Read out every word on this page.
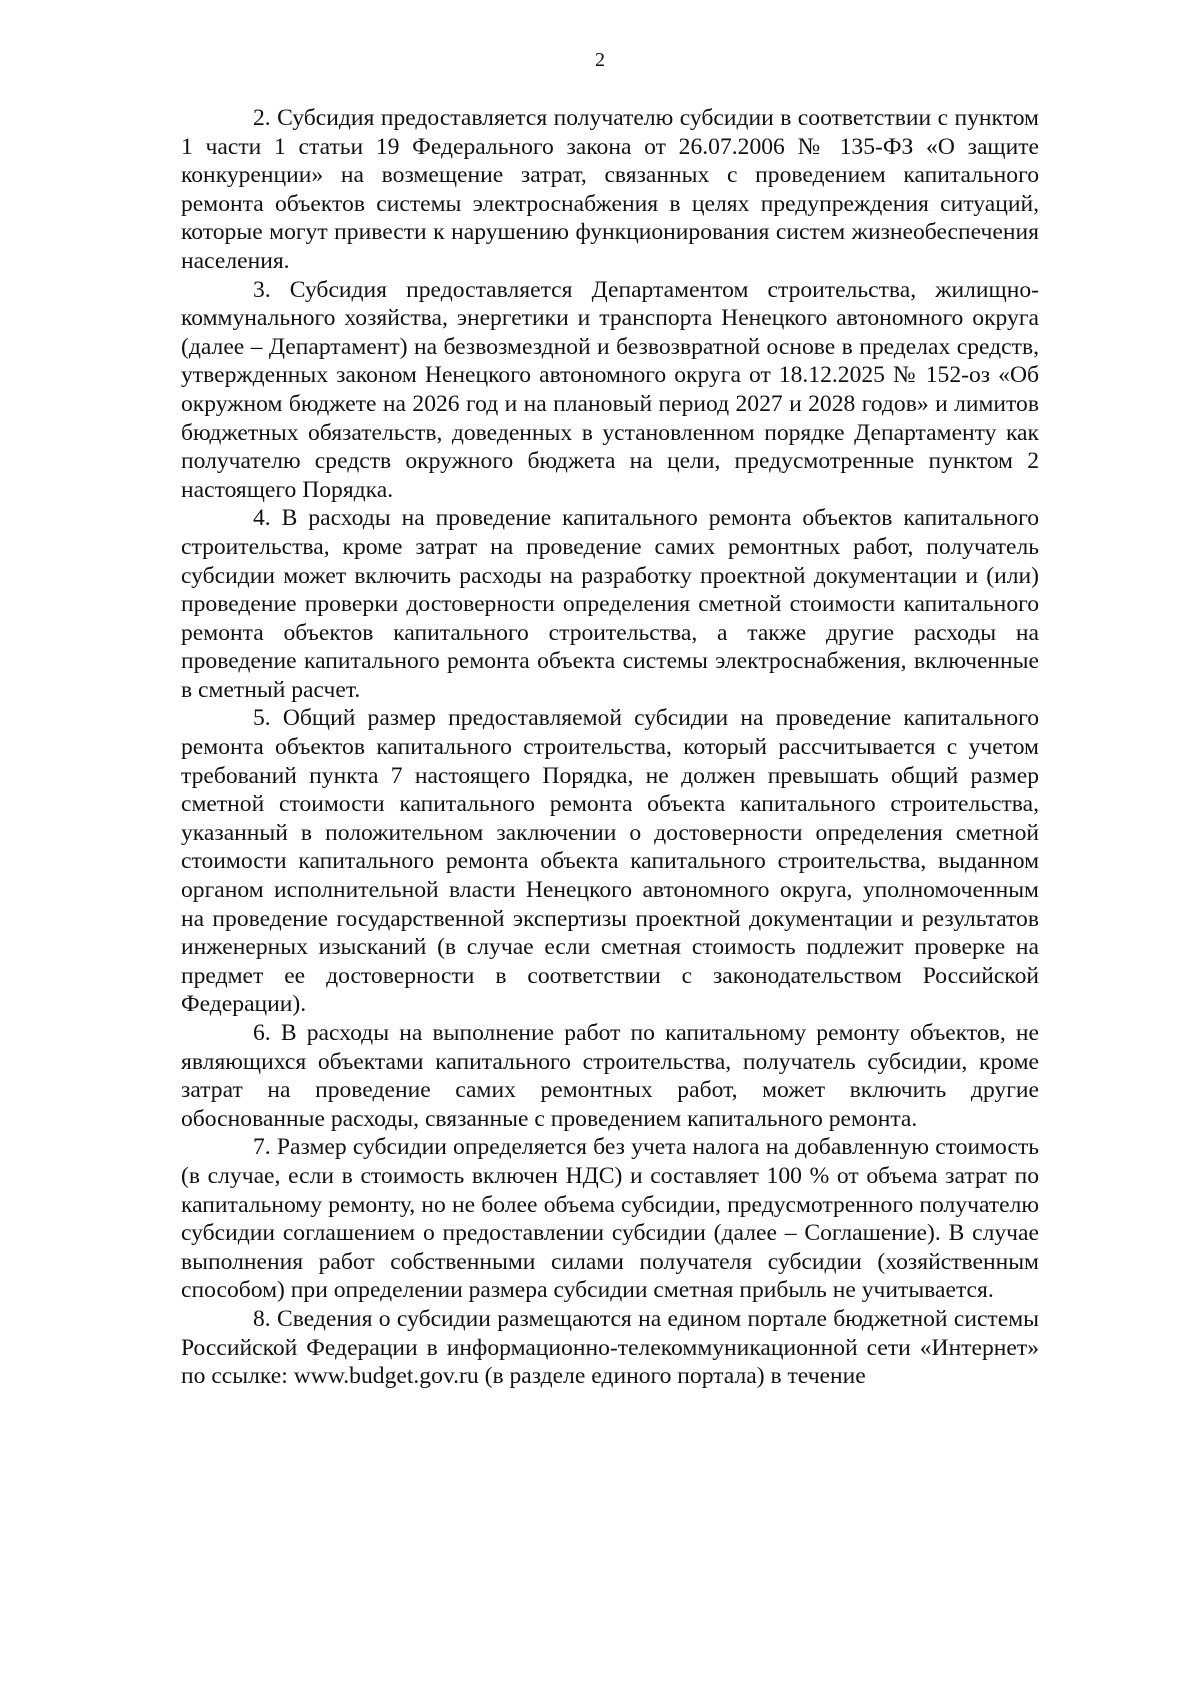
2

2. Субсидия предоставляется получателю субсидии в соответствии с пунктом 1 части 1 статьи 19 Федерального закона от 26.07.2006 № 135-ФЗ «О защите конкуренции» на возмещение затрат, связанных с проведением капитального ремонта объектов системы электроснабжения в целях предупреждения ситуаций, которые могут привести к нарушению функционирования систем жизнеобеспечения населения.

3. Субсидия предоставляется Департаментом строительства, жилищно-коммунального хозяйства, энергетики и транспорта Ненецкого автономного округа (далее – Департамент) на безвозмездной и безвозвратной основе в пределах средств, утвержденных законом Ненецкого автономного округа от 18.12.2025 № 152-оз «Об окружном бюджете на 2026 год и на плановый период 2027 и 2028 годов» и лимитов бюджетных обязательств, доведенных в установленном порядке Департаменту как получателю средств окружного бюджета на цели, предусмотренные пунктом 2 настоящего Порядка.

4. В расходы на проведение капитального ремонта объектов капитального строительства, кроме затрат на проведение самих ремонтных работ, получатель субсидии может включить расходы на разработку проектной документации и (или) проведение проверки достоверности определения сметной стоимости капитального ремонта объектов капитального строительства, а также другие расходы на проведение капитального ремонта объекта системы электроснабжения, включенные в сметный расчет.

5. Общий размер предоставляемой субсидии на проведение капитального ремонта объектов капитального строительства, который рассчитывается с учетом требований пункта 7 настоящего Порядка, не должен превышать общий размер сметной стоимости капитального ремонта объекта капитального строительства, указанный в положительном заключении о достоверности определения сметной стоимости капитального ремонта объекта капитального строительства, выданном органом исполнительной власти Ненецкого автономного округа, уполномоченным на проведение государственной экспертизы проектной документации и результатов инженерных изысканий (в случае если сметная стоимость подлежит проверке на предмет ее достоверности в соответствии с законодательством Российской Федерации).

6. В расходы на выполнение работ по капитальному ремонту объектов, не являющихся объектами капитального строительства, получатель субсидии, кроме затрат на проведение самих ремонтных работ, может включить другие обоснованные расходы, связанные с проведением капитального ремонта.

7. Размер субсидии определяется без учета налога на добавленную стоимость (в случае, если в стоимость включен НДС) и составляет 100 % от объема затрат по капитальному ремонту, но не более объема субсидии, предусмотренного получателю субсидии соглашением о предоставлении субсидии (далее – Соглашение). В случае выполнения работ собственными силами получателя субсидии (хозяйственным способом) при определении размера субсидии сметная прибыль не учитывается.

8. Сведения о субсидии размещаются на едином портале бюджетной системы Российской Федерации в информационно-телекоммуникационной сети «Интернет» по ссылке: www.budget.gov.ru (в разделе единого портала) в течение
